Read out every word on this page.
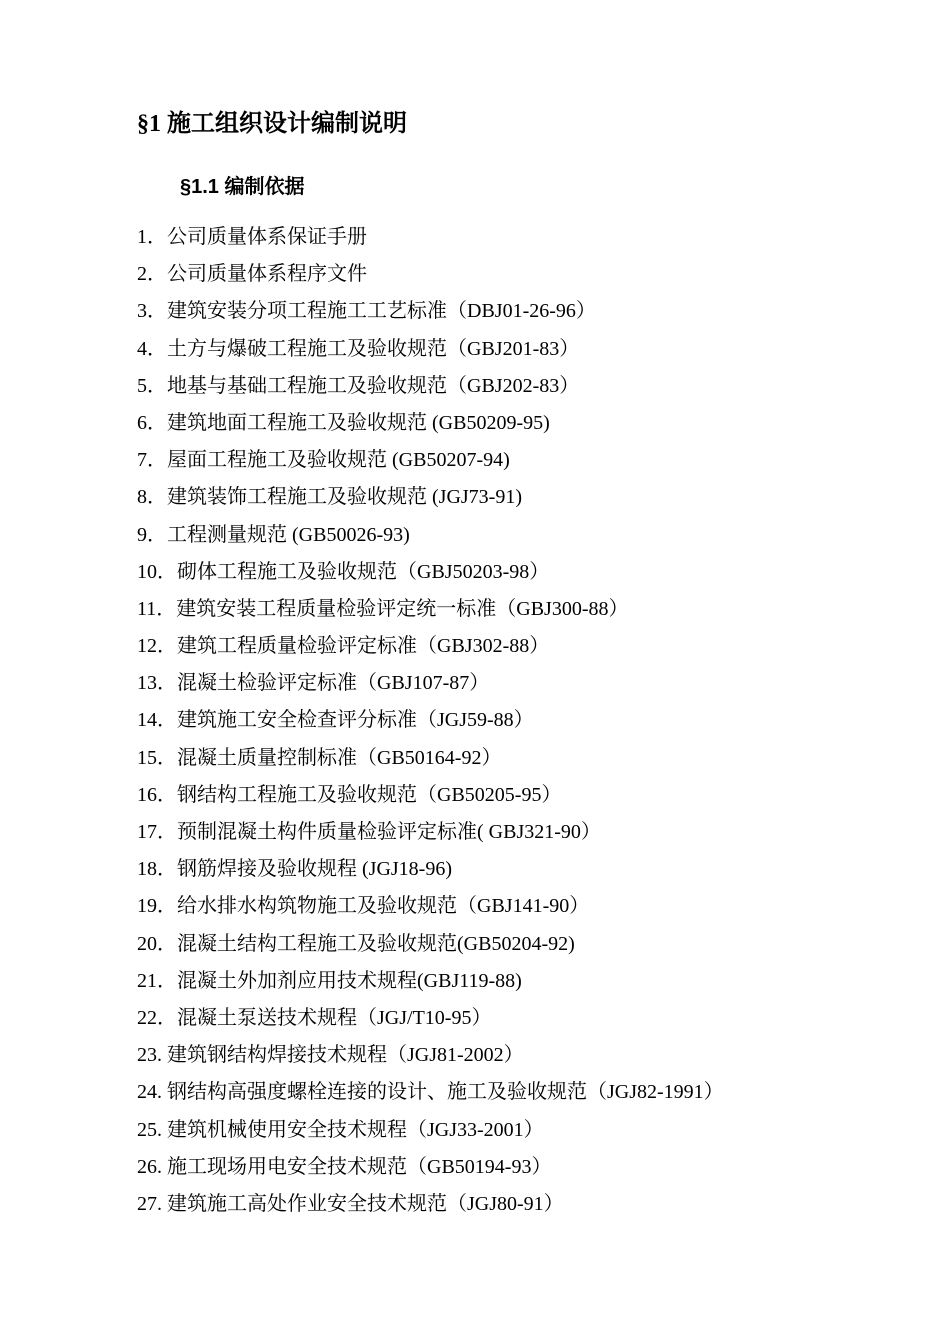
§1 施工组织设计编制说明
§1.1 编制依据
1．公司质量体系保证手册
2．公司质量体系程序文件
3．建筑安装分项工程施工工艺标准（DBJ01-26-96）
4．土方与爆破工程施工及验收规范（GBJ201-83）
5．地基与基础工程施工及验收规范（GBJ202-83）
6．建筑地面工程施工及验收规范 (GB50209-95)
7．屋面工程施工及验收规范 (GB50207-94)
8．建筑装饰工程施工及验收规范 (JGJ73-91)
9．工程测量规范 (GB50026-93)
10．砌体工程施工及验收规范（GBJ50203-98）
11．建筑安装工程质量检验评定统一标准（GBJ300-88）
12．建筑工程质量检验评定标准（GBJ302-88）
13．混凝土检验评定标准（GBJ107-87）
14．建筑施工安全检查评分标准（JGJ59-88）
15．混凝土质量控制标准（GB50164-92）
16．钢结构工程施工及验收规范（GB50205-95）
17．预制混凝土构件质量检验评定标准( GBJ321-90）
18．钢筋焊接及验收规程 (JGJ18-96)
19．给水排水构筑物施工及验收规范（GBJ141-90）
20．混凝土结构工程施工及验收规范(GB50204-92)
21．混凝土外加剂应用技术规程(GBJ119-88)
22．混凝土泵送技术规程（JGJ/T10-95）
23. 建筑钢结构焊接技术规程（JGJ81-2002）
24. 钢结构高强度螺栓连接的设计、施工及验收规范（JGJ82-1991）
25. 建筑机械使用安全技术规程（JGJ33-2001）
26. 施工现场用电安全技术规范（GB50194-93）
27. 建筑施工高处作业安全技术规范（JGJ80-91）
